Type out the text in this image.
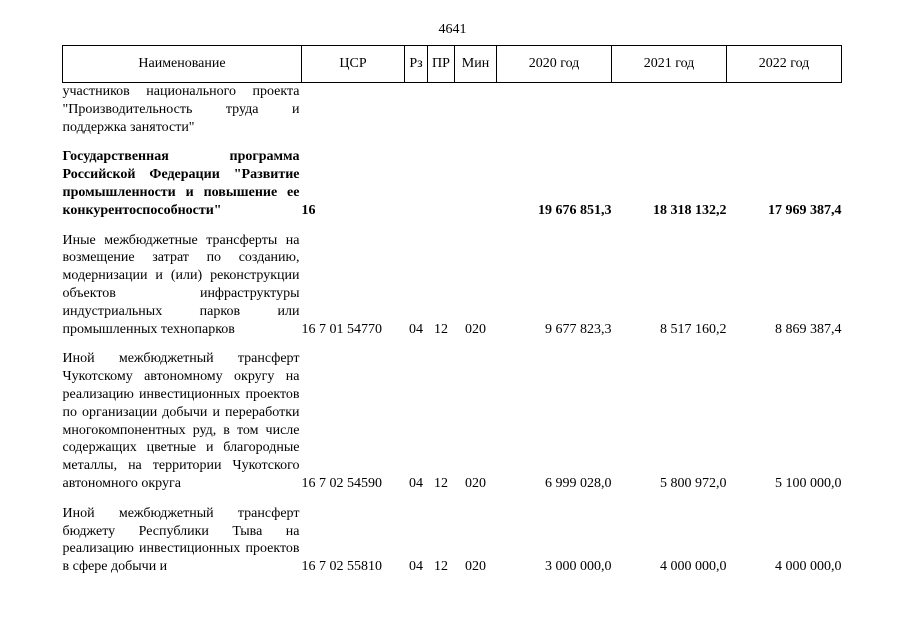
4641
Наименование	ЦСР	Рз	ПР	Мин	2020 год	2021 год	2022 год
участников национального проекта "Производительность труда и поддержка занятости"							
Государственная программа Российской Федерации "Развитие промышленности и повышение ее конкурентоспособности"	16				19 676 851,3	18 318 132,2	17 969 387,4
Иные межбюджетные трансферты на возмещение затрат по созданию, модернизации и (или) реконструкции объектов инфраструктуры индустриальных парков или промышленных технопарков	16 7 01 54770	04	12	020	9 677 823,3	8 517 160,2	8 869 387,4
Иной межбюджетный трансферт Чукотскому автономному округу на реализацию инвестиционных проектов по организации добычи и переработки многокомпонентных руд, в том числе содержащих цветные и благородные металлы, на территории Чукотского автономного округа	16 7 02 54590	04	12	020	6 999 028,0	5 800 972,0	5 100 000,0
Иной межбюджетный трансферт бюджету Республики Тыва на реализацию инвестиционных проектов в сфере добычи и	16 7 02 55810	04	12	020	3 000 000,0	4 000 000,0	4 000 000,0
